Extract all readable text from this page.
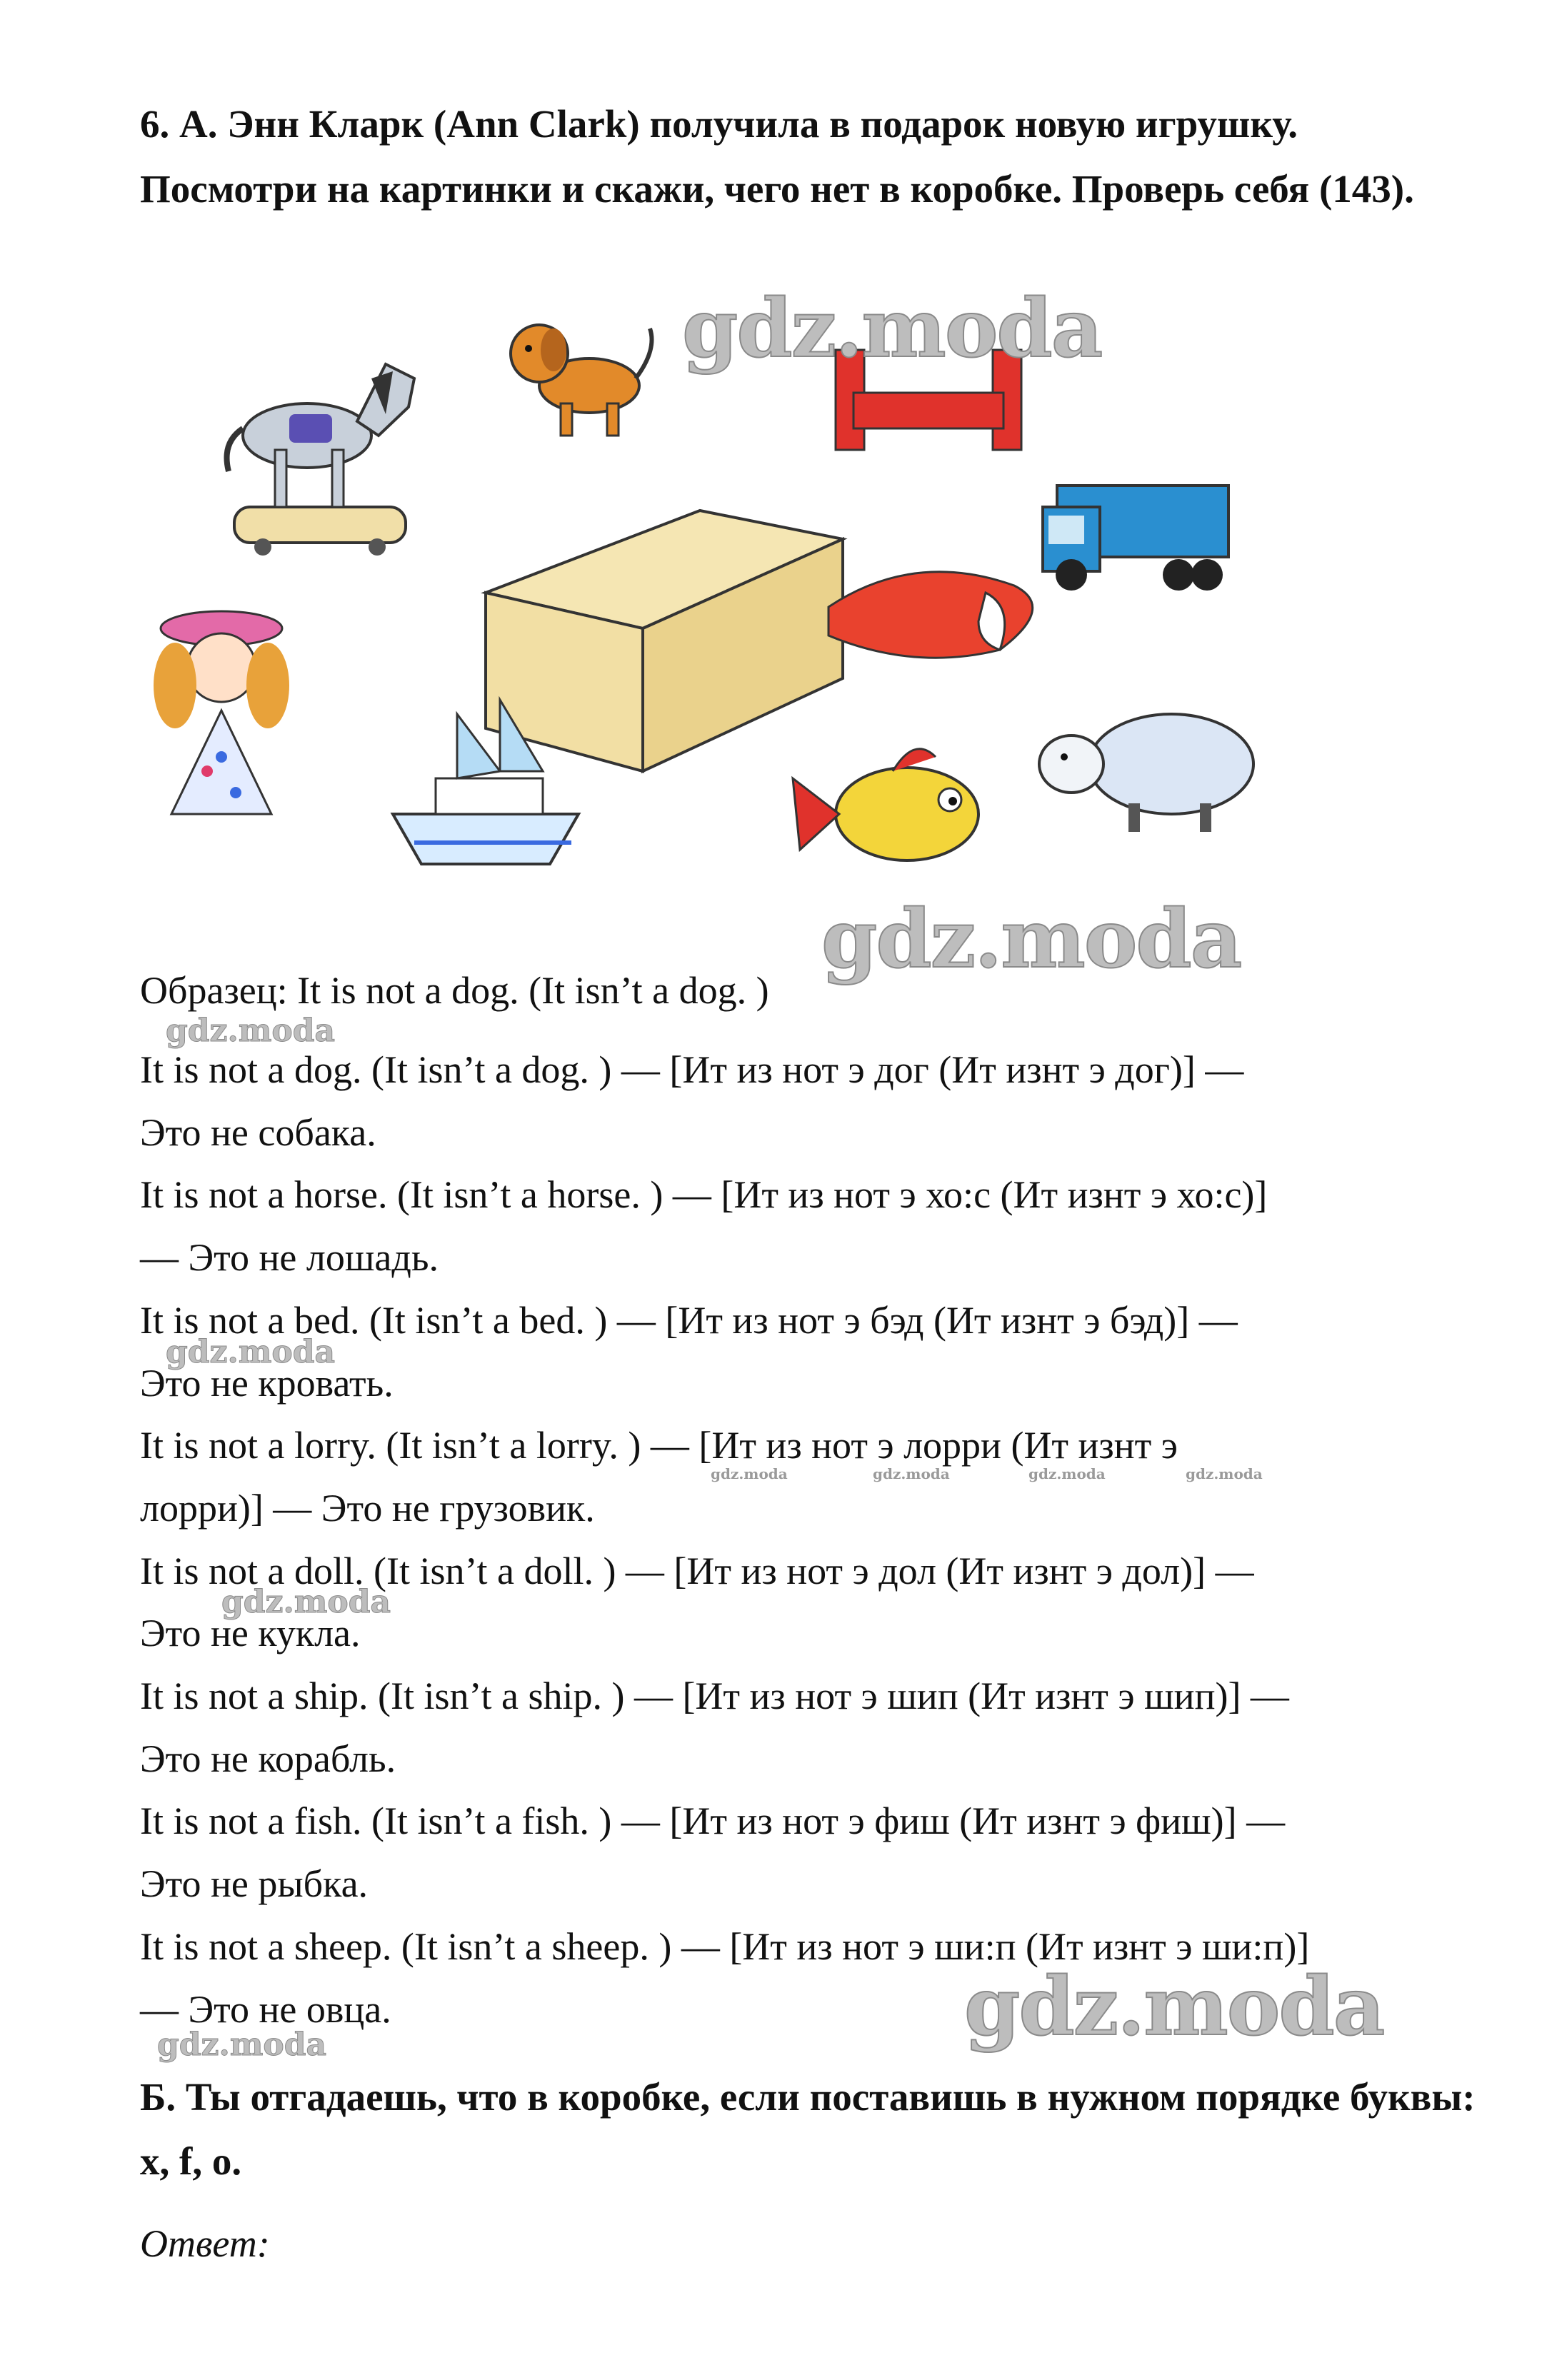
6. А. Энн Кларк (Ann Clark) получила в подарок новую игрушку. Посмотри на картинки и скажи, чего нет в коробке. Проверь себя (143).

Образец: It is not a dog. (It isn’t a dog. )

It is not a dog. (It isn’t a dog. ) — [Ит из нот э дог (Ит изнт э дог)] —

Это не собака.

It is not a horse. (It isn’t a horse. ) — [Ит из нот э хо:с (Ит изнт э хо:с)]

— Это не лошадь.

It is not a bed. (It isn’t a bed. ) — [Ит из нот э бэд (Ит изнт э бэд)] —

Это не кровать.

It is not a lorry. (It isn’t a lorry. ) — [Ит из нот э лорри (Ит изнт э

лорри)] — Это не грузовик.

It is not a doll. (It isn’t a doll. ) — [Ит из нот э дол (Ит изнт э дол)] —

Это не кукла.

It is not a ship. (It isn’t a ship. ) — [Ит из нот э шип (Ит изнт э шип)] —

Это не корабль.

It is not a fish. (It isn’t a fish. ) — [Ит из нот э фиш (Ит изнт э фиш)] —

Это не рыбка.

It is not a sheep. (It isn’t a sheep. ) — [Ит из нот э ши:п (Ит изнт э ши:п)]

— Это не овца.

Б. Ты отгадаешь, что в коробке, если поставишь в нужном порядке буквы: x, f, o.

Ответ:
gdz.moda
gdz.moda
gdz.moda
gdz.moda
gdz.moda	gdz.moda	gdz.moda	gdz.moda
gdz.moda
gdz.moda
gdz.moda
